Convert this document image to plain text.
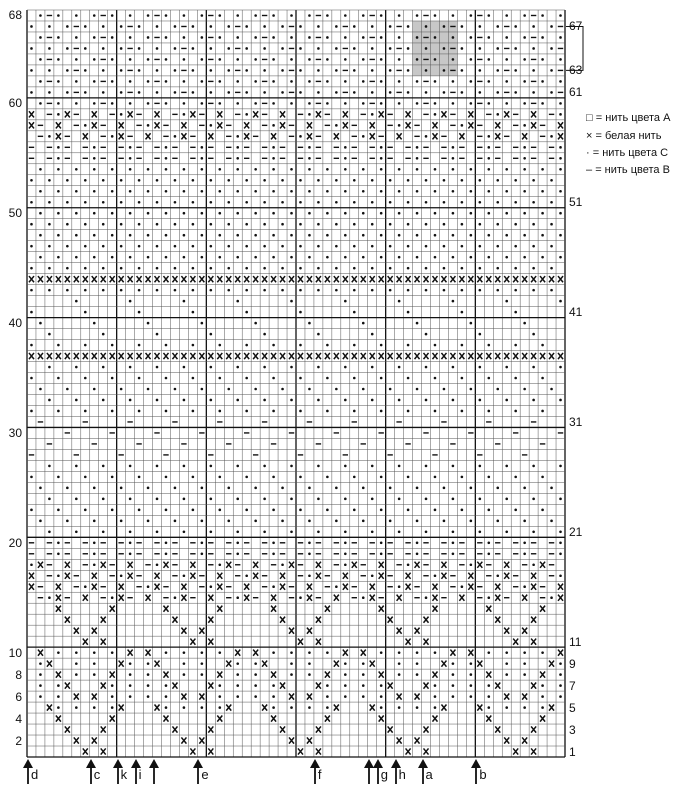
2
4
6
8
10
20
30
40
50
60
68
1
3
5
7
9
11
21
31
41
51
61
63
67
□ = нить цвета А
× = белая нить
· = нить цвета С
– = нить цвета В
d	c k i	e	f	g h a	b
